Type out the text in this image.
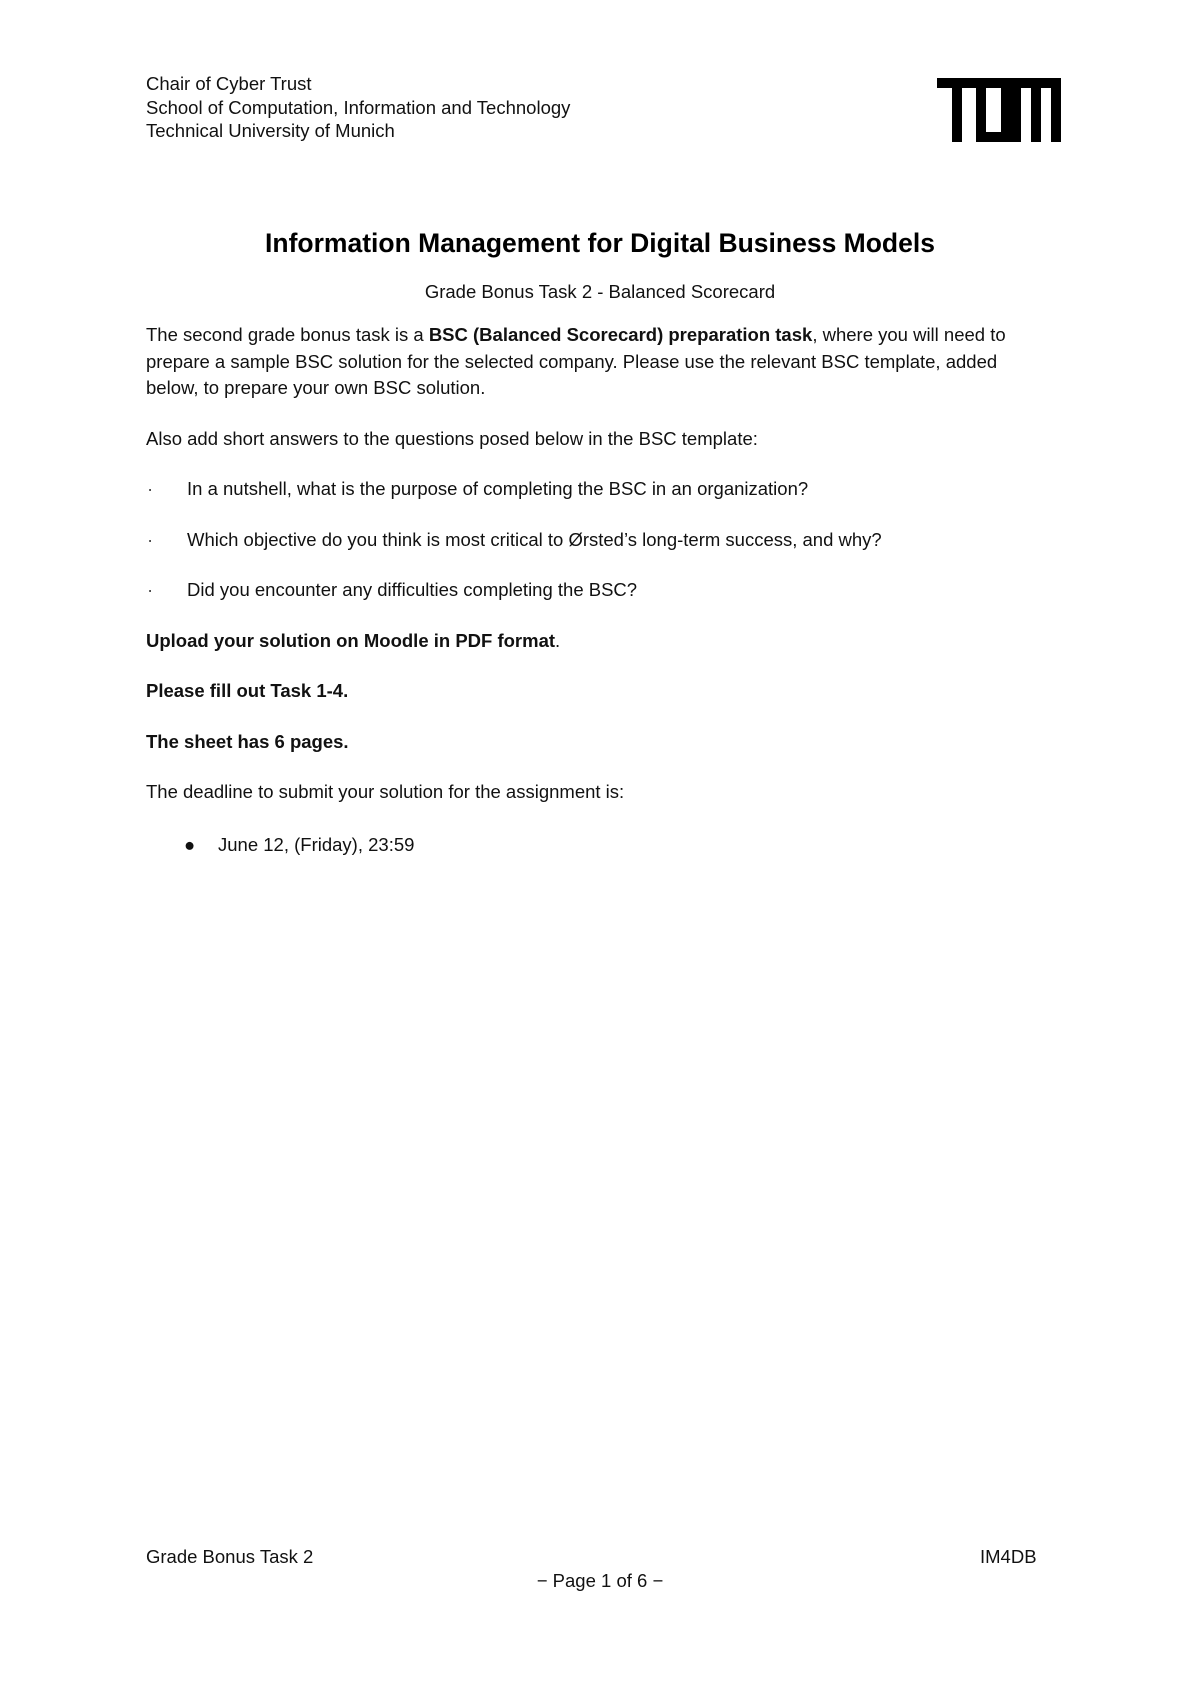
Chair of Cyber Trust
School of Computation, Information and Technology
Technical University of Munich
Information Management for Digital Business Models
Grade Bonus Task 2 - Balanced Scorecard

The second grade bonus task is a BSC (Balanced Scorecard) preparation task, where you will need to prepare a sample BSC solution for the selected company. Please use the relevant BSC template, added below, to prepare your own BSC solution.

Also add short answers to the questions posed below in the BSC template:

· In a nutshell, what is the purpose of completing the BSC in an organization?
· Which objective do you think is most critical to Ørsted’s long-term success, and why?
· Did you encounter any difficulties completing the BSC?
Upload your solution on Moodle in PDF format.
Please fill out Task 1-4.
The sheet has 6 pages.
The deadline to submit your solution for the assignment is:
● June 12, (Friday), 23:59
Grade Bonus Task 2	IM4DB
− Page 1 of 6 −
